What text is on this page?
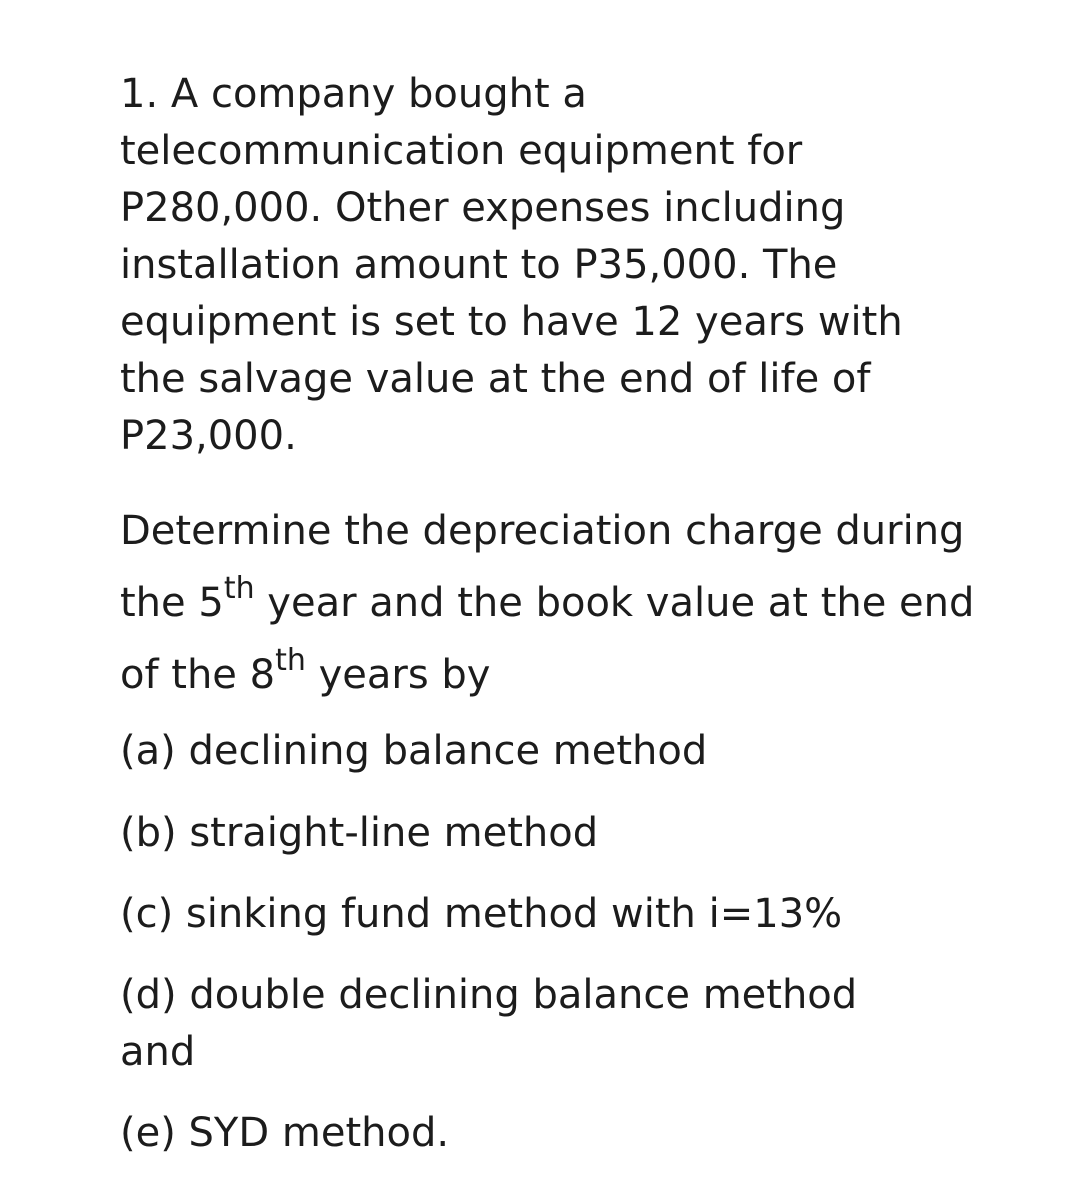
1. A company bought a telecommunication equipment for P280,000. Other expenses including installation amount to P35,000. The equipment is set to have 12 years with the salvage value at the end of life of P23,000.

Determine the depreciation charge during the 5th year and the book value at the end of the 8th years by

(a) declining balance method

(b) straight-line method

(c) sinking fund method with i=13%

(d) double declining balance method and

(e) SYD method.
